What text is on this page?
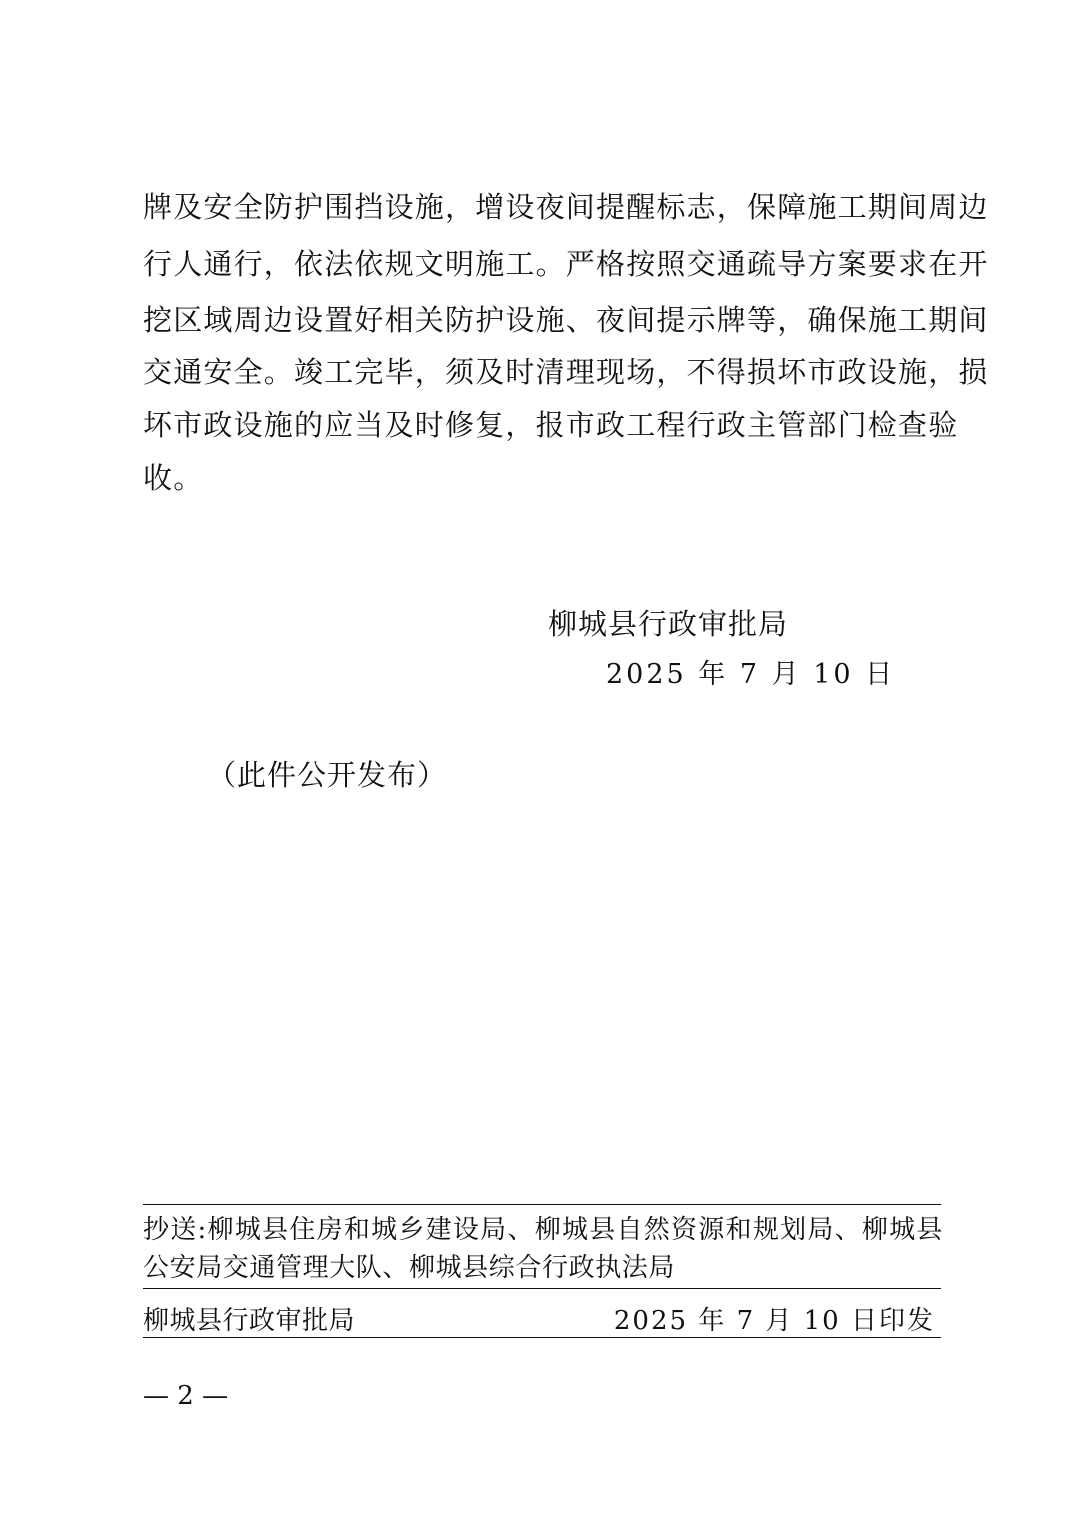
牌及安全防护围挡设施，增设夜间提醒标志，保障施工期间周边
行人通行，依法依规文明施工。严格按照交通疏导方案要求在开
挖区域周边设置好相关防护设施、夜间提示牌等，确保施工期间
交通安全。竣工完毕，须及时清理现场，不得损坏市政设施，损
坏市政设施的应当及时修复，报市政工程行政主管部门检查验
收。
柳城县行政审批局
2025 年 7 月 10 日
（此件公开发布）
抄送:柳城县住房和城乡建设局、柳城县自然资源和规划局、柳城县
公安局交通管理大队、柳城县综合行政执法局
柳城县行政审批局	2025 年 7 月 10 日印发
— 2 —
